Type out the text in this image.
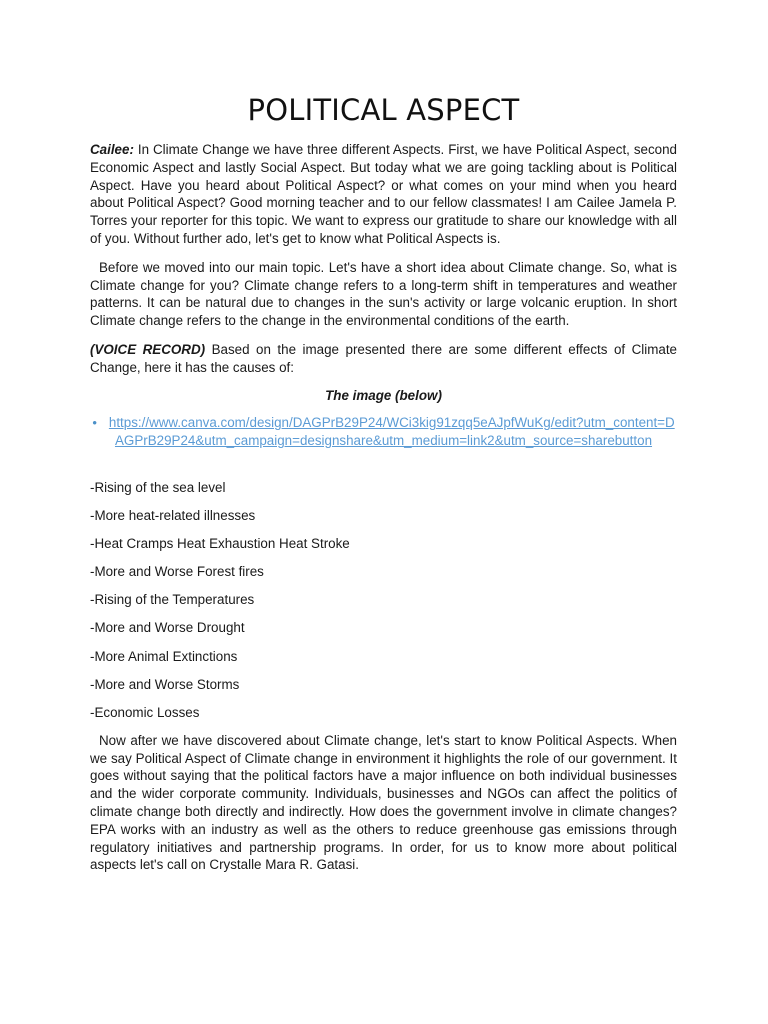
POLITICAL ASPECT

Cailee: In Climate Change we have three different Aspects. First, we have Political Aspect, second Economic Aspect and lastly Social Aspect. But today what we are going tackling about is Political Aspect. Have you heard about Political Aspect? or what comes on your mind when you heard about Political Aspect? Good morning teacher and to our fellow classmates! I am Cailee Jamela P. Torres your reporter for this topic. We want to express our gratitude to share our knowledge with all of you. Without further ado, let's get to know what Political Aspects is.

Before we moved into our main topic. Let's have a short idea about Climate change. So, what is Climate change for you? Climate change refers to a long-term shift in temperatures and weather patterns. It can be natural due to changes in the sun's activity or large volcanic eruption. In short Climate change refers to the change in the environmental conditions of the earth.

(VOICE RECORD) Based on the image presented there are some different effects of Climate Change, here it has the causes of:

The image (below)

• https://www.canva.com/design/DAGPrB29P24/WCi3kig91zqq5eAJpfWuKg/edit?utm_content=DAGPrB29P24&utm_campaign=designshare&utm_medium=link2&utm_source=sharebutton
-Rising of the sea level
-More heat-related illnesses
-Heat Cramps Heat Exhaustion Heat Stroke
-More and Worse Forest fires
-Rising of the Temperatures
-More and Worse Drought
-More Animal Extinctions
-More and Worse Storms
-Economic Losses

Now after we have discovered about Climate change, let's start to know Political Aspects. When we say Political Aspect of Climate change in environment it highlights the role of our government. It goes without saying that the political factors have a major influence on both individual businesses and the wider corporate community. Individuals, businesses and NGOs can affect the politics of climate change both directly and indirectly. How does the government involve in climate changes? EPA works with an industry as well as the others to reduce greenhouse gas emissions through regulatory initiatives and partnership programs. In order, for us to know more about political aspects let's call on Crystalle Mara R. Gatasi.
